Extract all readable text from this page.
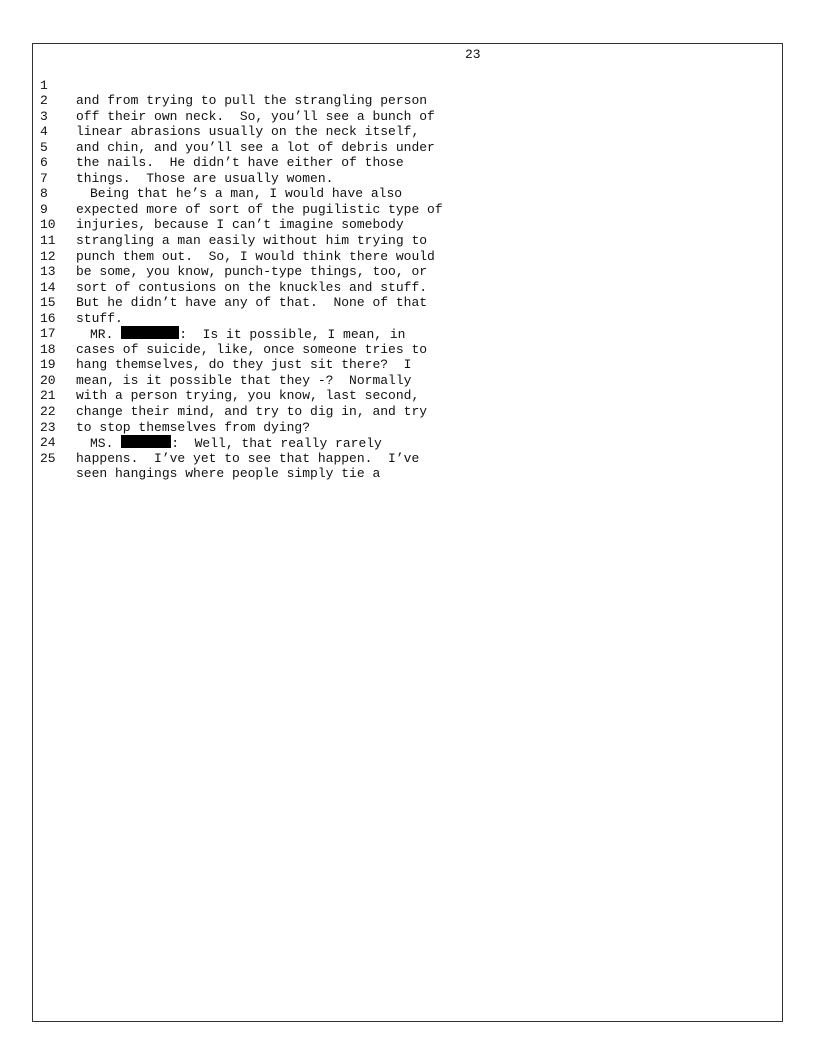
23

1

and from trying to pull the strangling person

2

off their own neck.  So, you’ll see a bunch of

3

linear abrasions usually on the neck itself,

4

and chin, and you’ll see a lot of debris under

5

the nails.  He didn’t have either of those

6

things.  Those are usually women.

7

Being that he’s a man, I would have also

8

expected more of sort of the pugilistic type of

9

injuries, because I can’t imagine somebody

10

strangling a man easily without him trying to

11

punch them out.  So, I would think there would

12

be some, you know, punch-type things, too, or

13

sort of contusions on the knuckles and stuff.

14

But he didn’t have any of that.  None of that

15

stuff.

16

MR.	:  Is it possible, I mean, in

17

cases of suicide, like, once someone tries to

18

hang themselves, do they just sit there?  I

19

mean, is it possible that they -?  Normally

20

with a person trying, you know, last second,

21

change their mind, and try to dig in, and try

22

to stop themselves from dying?

23

MS.	:  Well, that really rarely

24

happens.  I’ve yet to see that happen.  I’ve

25

seen hangings where people simply tie a
